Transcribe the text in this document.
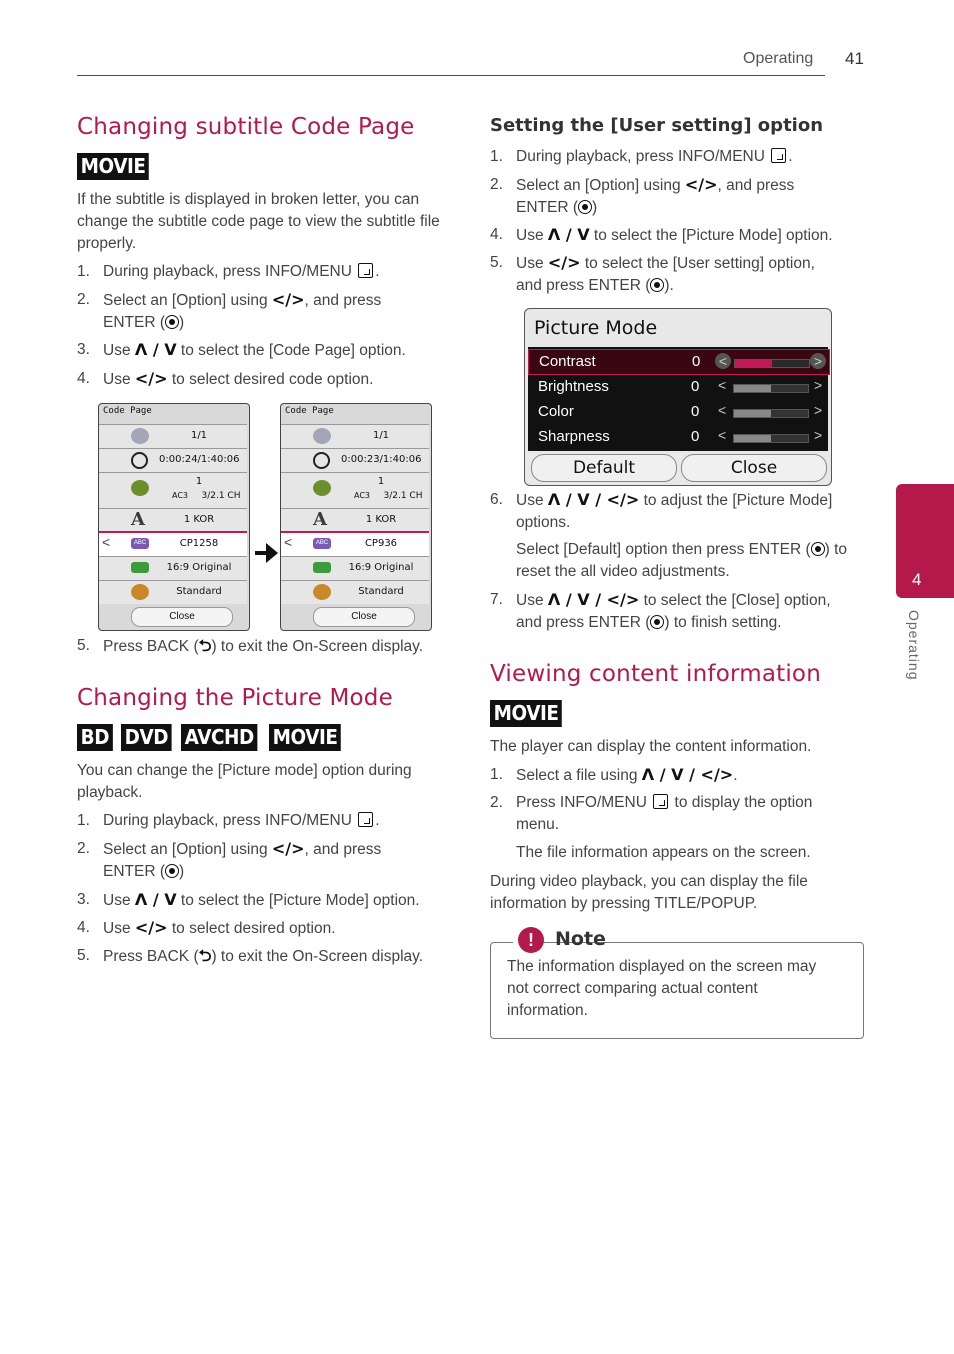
Operating 41
4
Operating
Changing subtitle Code Page
MOVIE
If the subtitle is displayed in broken letter, you can change the subtitle code page to view the subtitle file properly.
1. During playback, press INFO/MENU .
2. Select an [Option] using </>, and press
ENTER ( )
3. Use Λ / V to select the [Code Page] option.
4. Use </> to select desired code option.
Code Page
1/1
0:00:24/1:40:06
1
AC3	3/2.1 CH
A	1 KOR
<	ABC	CP1258
16:9 Original
Standard
Close
Code Page
1/1
0:00:23/1:40:06
1
AC3	3/2.1 CH
A	1 KOR
<	ABC	CP936
16:9 Original
Standard
Close
5. Press BACK (⮌) to exit the On-Screen display.
Changing the Picture Mode
BD DVD AVCHD MOVIE
You can change the [Picture mode] option during playback.
1. During playback, press INFO/MENU .
2. Select an [Option] using </>, and press
ENTER ( )
3. Use Λ / V to select the [Picture Mode] option.
4. Use </> to select desired option.
5. Press BACK (⮌) to exit the On-Screen display.
Setting the [User setting] option
1. During playback, press INFO/MENU .
2. Select an [Option] using </>, and press
ENTER ( )
4. Use Λ / V to select the [Picture Mode] option.
5. Use </> to select the [User setting] option,
and press ENTER ( ).
Picture Mode
Contrast	0 <	>
Brightness	0 <	>
Color	0 <	>
Sharpness	0 <	>
Default	Close
6. Use Λ / V / </> to adjust the [Picture Mode]
options.
Select [Default] option then press ENTER ( ) to
reset the all video adjustments.
7. Use Λ / V / </> to select the [Close] option,
and press ENTER ( ) to finish setting.
Viewing content information
MOVIE
The player can display the content information.
1. Select a file using Λ / V / </>.
2. Press INFO/MENU  to display the option
menu.
The file information appears on the screen.
During video playback, you can display the file information by pressing TITLE/POPUP.
!	Note
The information displayed on the screen may not correct comparing actual content information.
